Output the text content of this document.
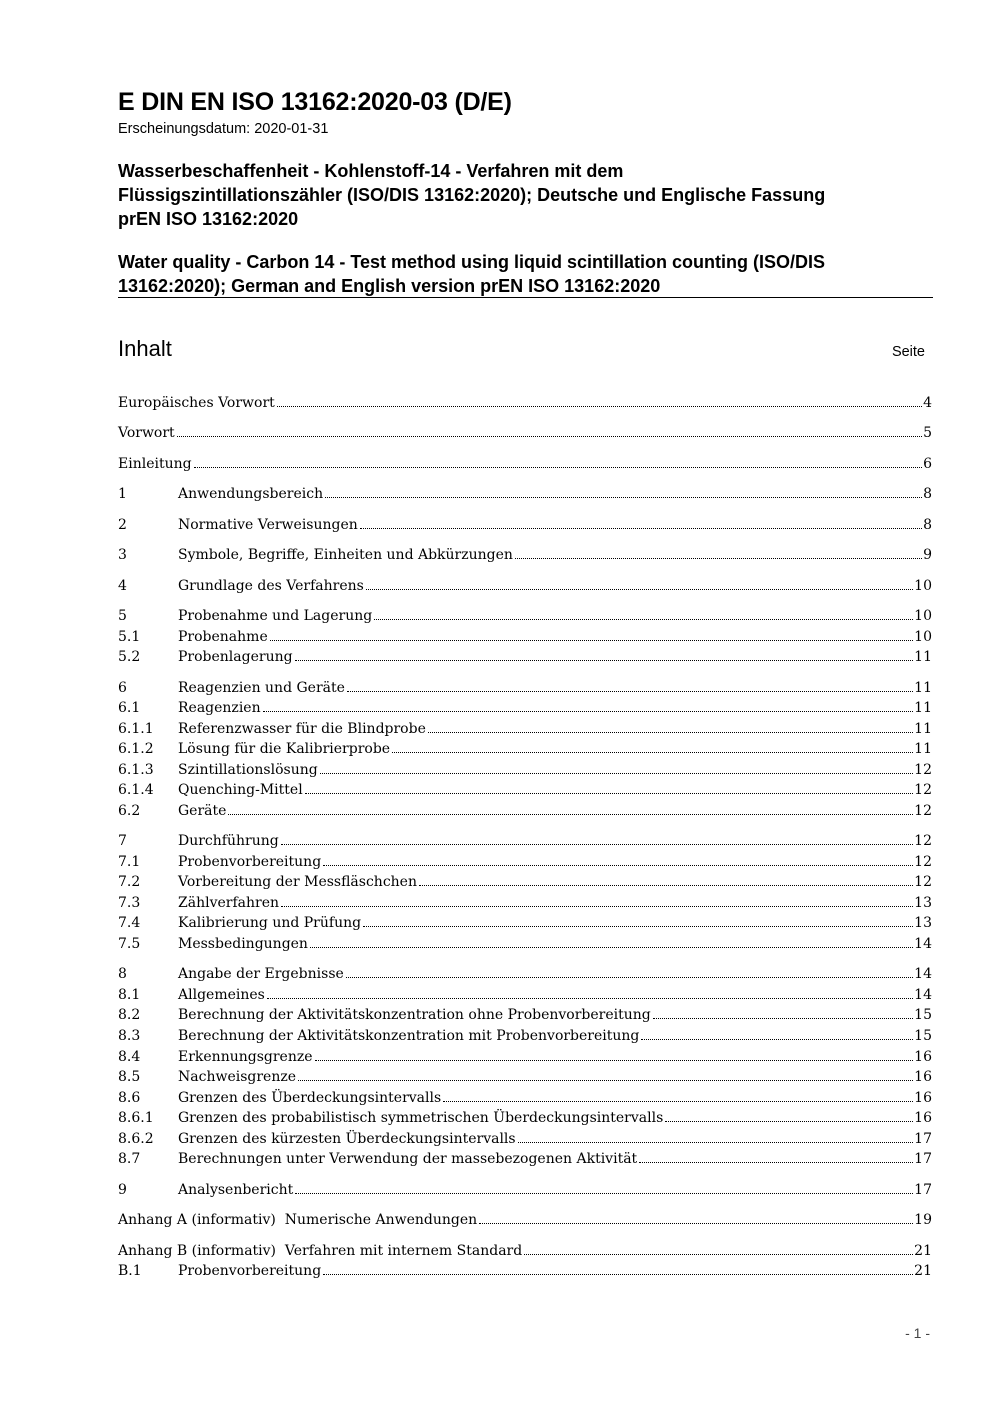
E DIN EN ISO 13162:2020-03 (D/E)
Erscheinungsdatum: 2020-01-31
Wasserbeschaffenheit - Kohlenstoff-14 - Verfahren mit dem
Flüssigszintillationszähler (ISO/DIS 13162:2020); Deutsche und Englische Fassung
prEN ISO 13162:2020
Water quality - Carbon 14 - Test method using liquid scintillation counting (ISO/DIS
13162:2020); German and English version prEN ISO 13162:2020
Inhalt	Seite
Europäisches Vorwort	4
Vorwort	5
Einleitung	6
1	Anwendungsbereich	8
2	Normative Verweisungen	8
3	Symbole, Begriffe, Einheiten und Abkürzungen	9
4	Grundlage des Verfahrens	10
5	Probenahme und Lagerung	10
5.1	Probenahme	10
5.2	Probenlagerung	11
6	Reagenzien und Geräte	11
6.1	Reagenzien	11
6.1.1	Referenzwasser für die Blindprobe	11
6.1.2	Lösung für die Kalibrierprobe	11
6.1.3	Szintillationslösung	12
6.1.4	Quenching-Mittel	12
6.2	Geräte	12
7	Durchführung	12
7.1	Probenvorbereitung	12
7.2	Vorbereitung der Messfläschchen	12
7.3	Zählverfahren	13
7.4	Kalibrierung und Prüfung	13
7.5	Messbedingungen	14
8	Angabe der Ergebnisse	14
8.1	Allgemeines	14
8.2	Berechnung der Aktivitätskonzentration ohne Probenvorbereitung	15
8.3	Berechnung der Aktivitätskonzentration mit Probenvorbereitung	15
8.4	Erkennungsgrenze	16
8.5	Nachweisgrenze	16
8.6	Grenzen des Überdeckungsintervalls	16
8.6.1	Grenzen des probabilistisch symmetrischen Überdeckungsintervalls	16
8.6.2	Grenzen des kürzesten Überdeckungsintervalls	17
8.7	Berechnungen unter Verwendung der massebezogenen Aktivität	17
9	Analysenbericht	17
Anhang A (informativ)  Numerische Anwendungen	19
Anhang B (informativ)  Verfahren mit internem Standard	21
B.1	Probenvorbereitung	21
- 1 -
